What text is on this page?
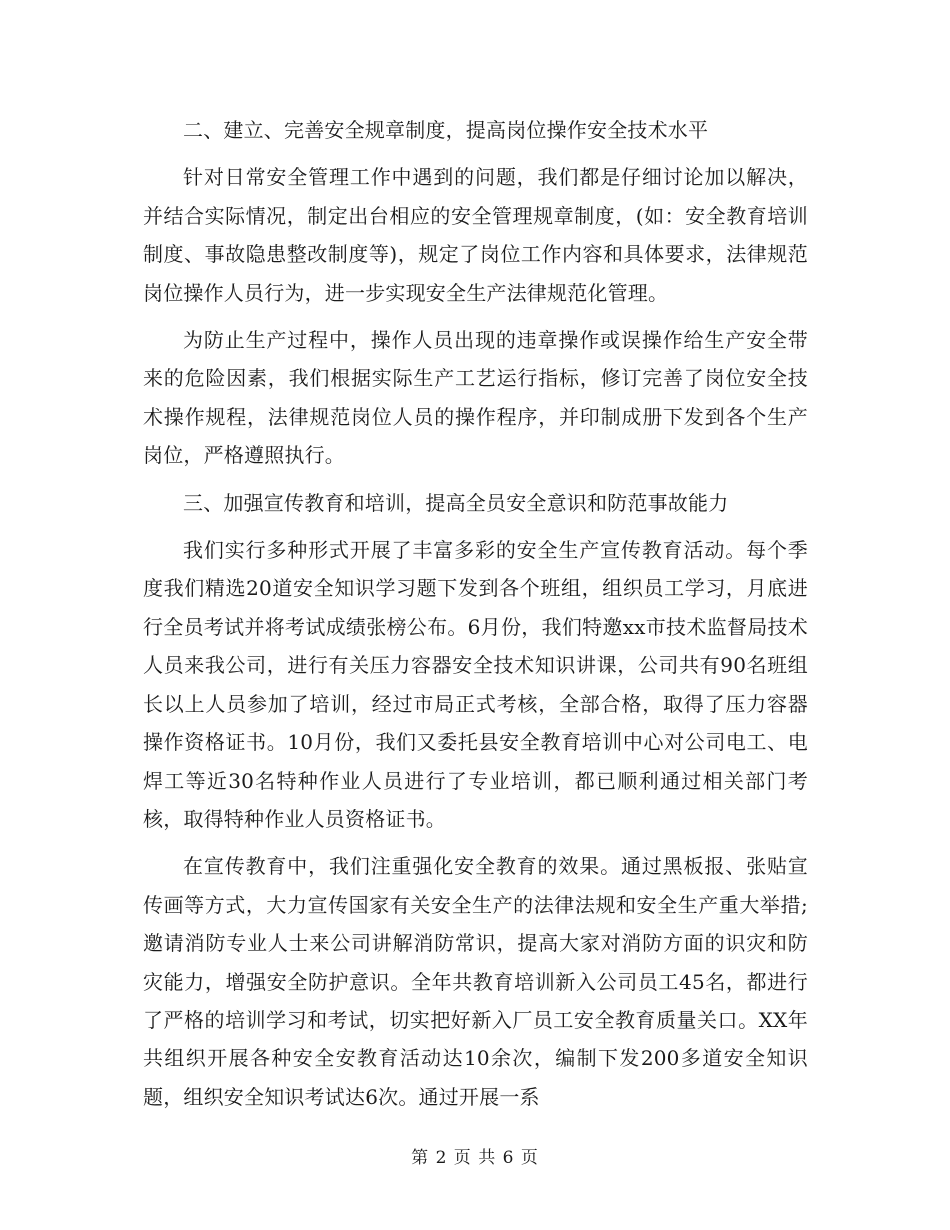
二、建立、完善安全规章制度，提高岗位操作安全技术水平

针对日常安全管理工作中遇到的问题，我们都是仔细讨论加以解决，并结合实际情况，制定出台相应的安全管理规章制度，(如：安全教育培训制度、事故隐患整改制度等)，规定了岗位工作内容和具体要求，法律规范岗位操作人员行为，进一步实现安全生产法律规范化管理。

为防止生产过程中，操作人员出现的违章操作或误操作给生产安全带来的危险因素，我们根据实际生产工艺运行指标，修订完善了岗位安全技术操作规程，法律规范岗位人员的操作程序，并印制成册下发到各个生产岗位，严格遵照执行。

三、加强宣传教育和培训，提高全员安全意识和防范事故能力

我们实行多种形式开展了丰富多彩的安全生产宣传教育活动。每个季度我们精选20道安全知识学习题下发到各个班组，组织员工学习，月底进行全员考试并将考试成绩张榜公布。6月份，我们特邀xx市技术监督局技术人员来我公司，进行有关压力容器安全技术知识讲课，公司共有90名班组长以上人员参加了培训，经过市局正式考核，全部合格，取得了压力容器操作资格证书。10月份，我们又委托县安全教育培训中心对公司电工、电焊工等近30名特种作业人员进行了专业培训，都已顺利通过相关部门考核，取得特种作业人员资格证书。

在宣传教育中，我们注重强化安全教育的效果。通过黑板报、张贴宣传画等方式，大力宣传国家有关安全生产的法律法规和安全生产重大举措;邀请消防专业人士来公司讲解消防常识，提高大家对消防方面的识灾和防灾能力，增强安全防护意识。全年共教育培训新入公司员工45名，都进行了严格的培训学习和考试，切实把好新入厂员工安全教育质量关口。XX年共组织开展各种安全安教育活动达10余次，编制下发200多道安全知识题，组织安全知识考试达6次。通过开展一系

第 2 页 共 6 页
